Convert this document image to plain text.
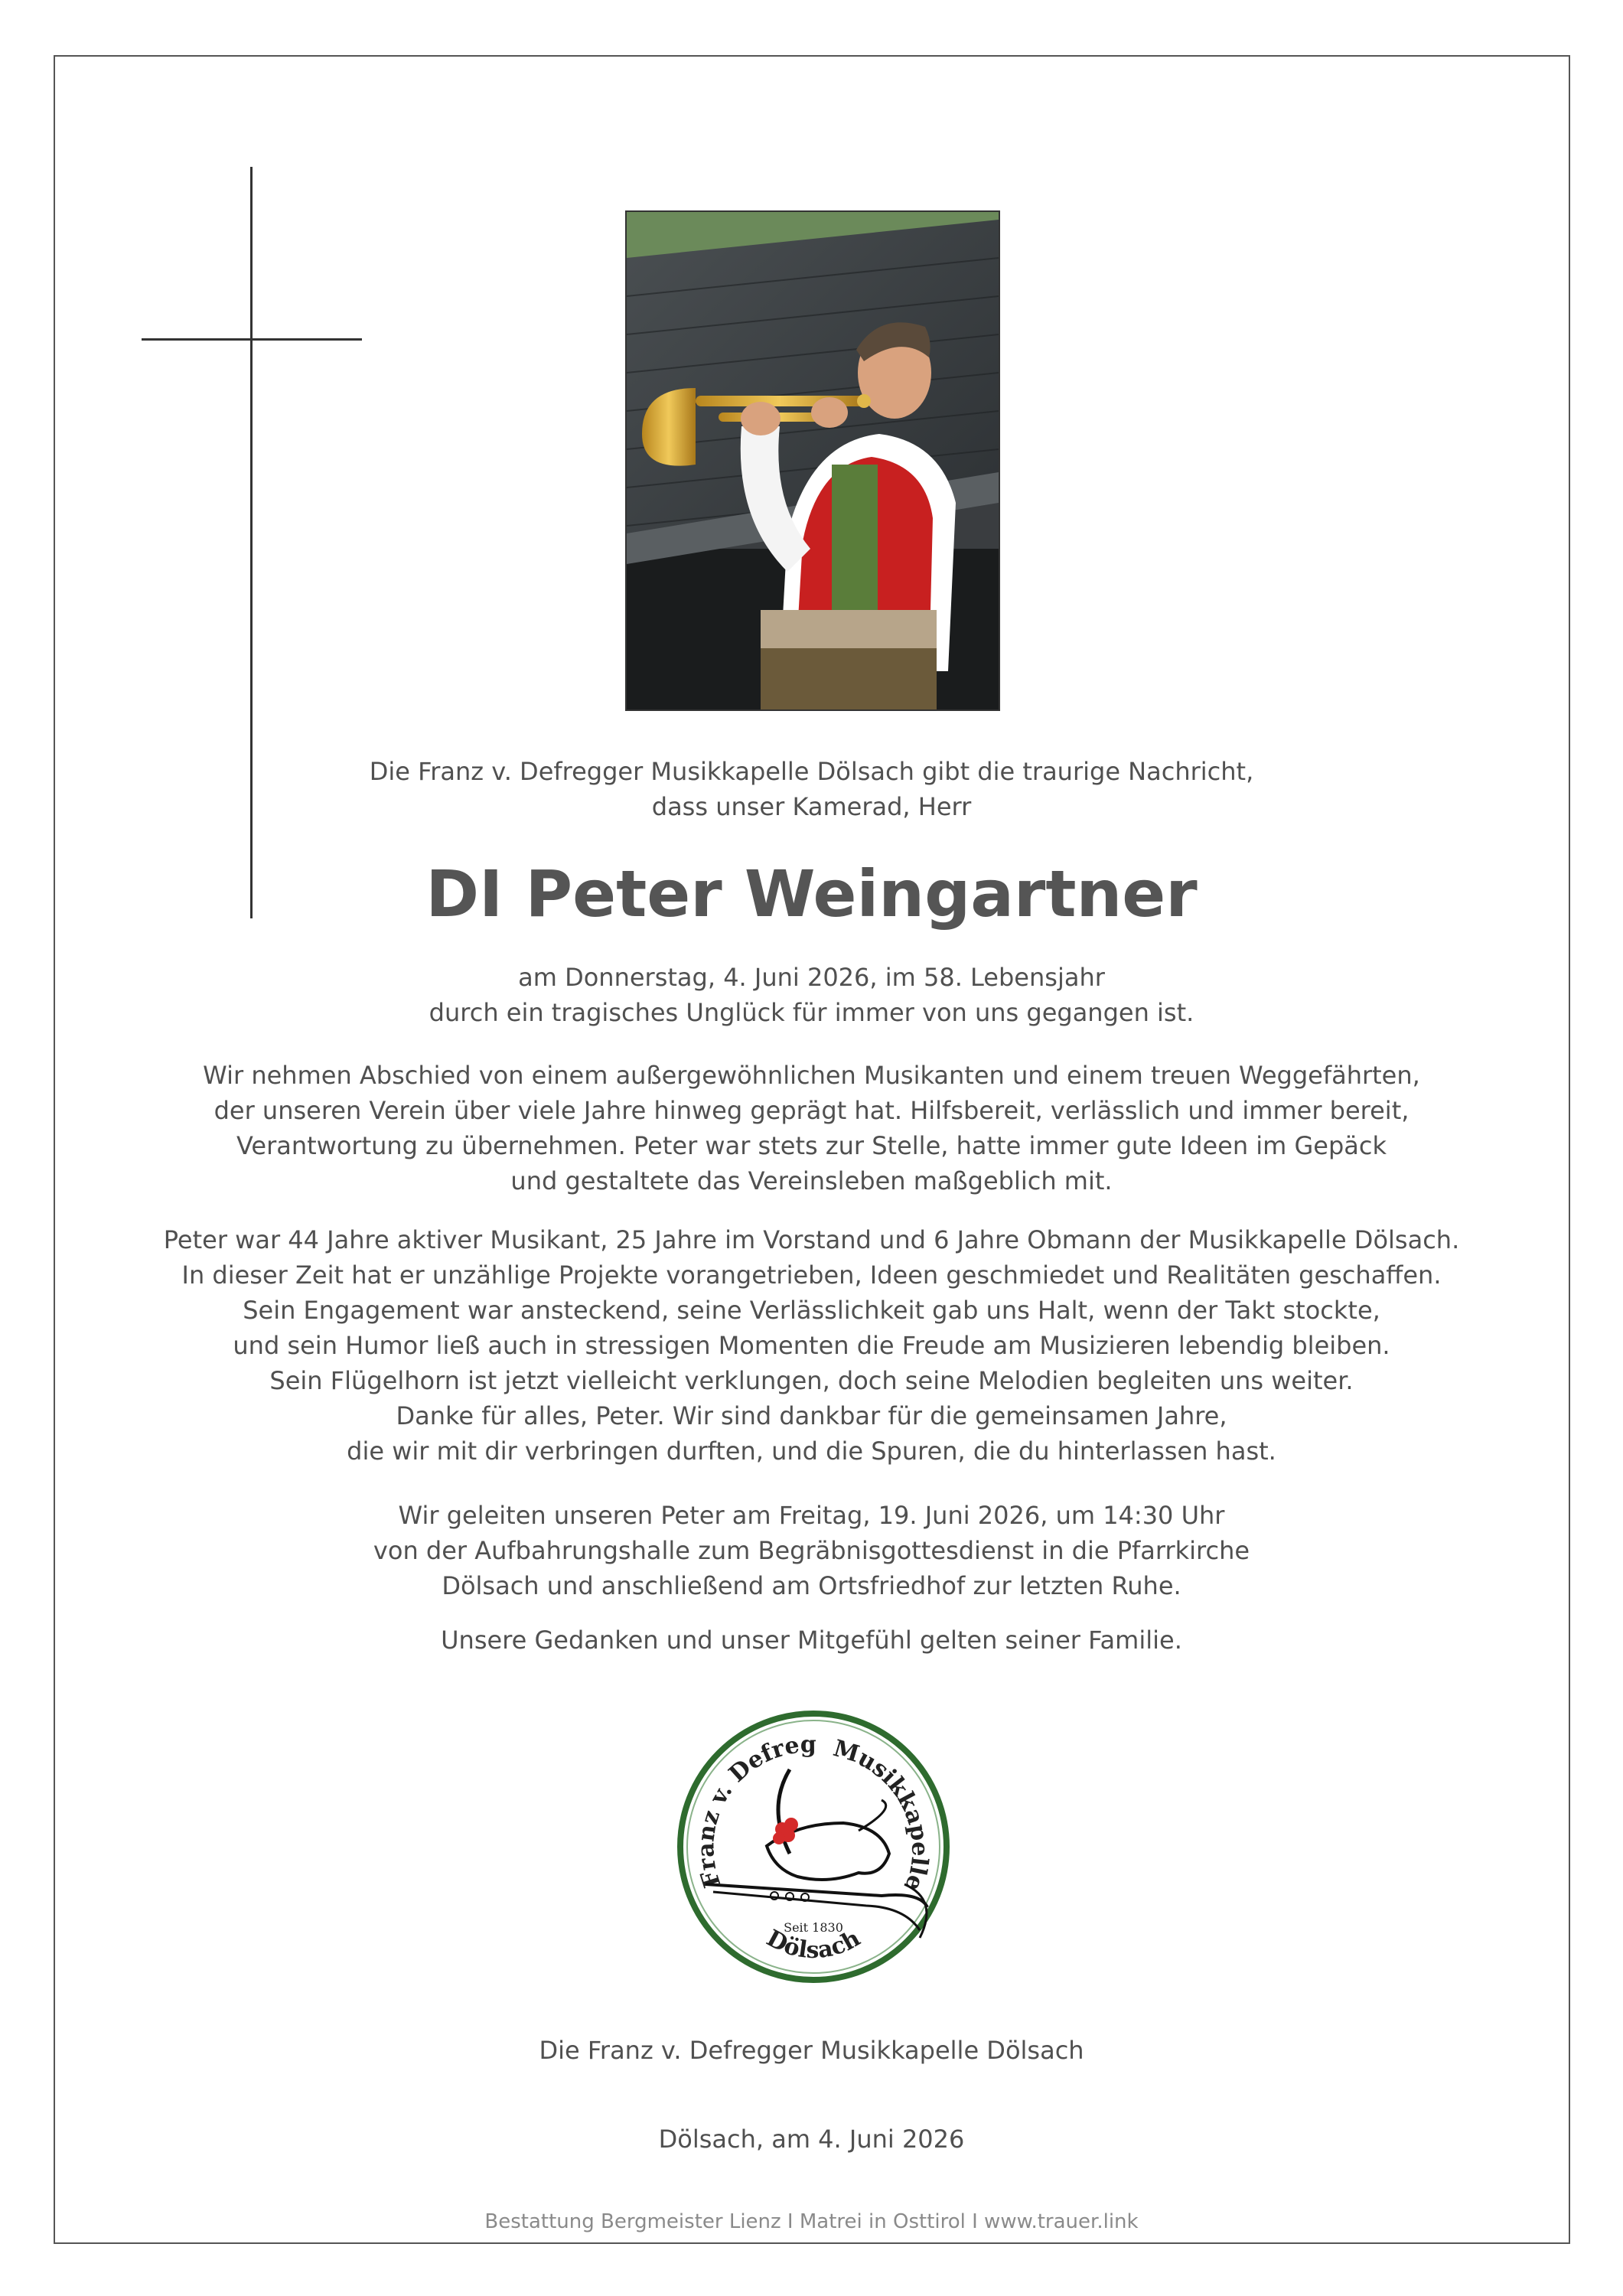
Die Franz v. Defregger Musikkapelle Dölsach gibt die traurige Nachricht,
dass unser Kamerad, Herr
DI Peter Weingartner
am Donnerstag, 4. Juni 2026, im 58. Lebensjahr
durch ein tragisches Unglück für immer von uns gegangen ist.
Wir nehmen Abschied von einem außergewöhnlichen Musikanten und einem treuen Weggefährten,
der unseren Verein über viele Jahre hinweg geprägt hat. Hilfsbereit, verlässlich und immer bereit,
Verantwortung zu übernehmen. Peter war stets zur Stelle, hatte immer gute Ideen im Gepäck
und gestaltete das Vereinsleben maßgeblich mit.
Peter war 44 Jahre aktiver Musikant, 25 Jahre im Vorstand und 6 Jahre Obmann der Musikkapelle Dölsach.
In dieser Zeit hat er unzählige Projekte vorangetrieben, Ideen geschmiedet und Realitäten geschaffen.
Sein Engagement war ansteckend, seine Verlässlichkeit gab uns Halt, wenn der Takt stockte,
und sein Humor ließ auch in stressigen Momenten die Freude am Musizieren lebendig bleiben.
Sein Flügelhorn ist jetzt vielleicht verklungen, doch seine Melodien begleiten uns weiter.
Danke für alles, Peter. Wir sind dankbar für die gemeinsamen Jahre,
die wir mit dir verbringen durften, und die Spuren, die du hinterlassen hast.
Wir geleiten unseren Peter am Freitag, 19. Juni 2026, um 14:30 Uhr
von der Aufbahrungshalle zum Begräbnisgottesdienst in die Pfarrkirche
Dölsach und anschließend am Ortsfriedhof zur letzten Ruhe.
Unsere Gedanken und unser Mitgefühl gelten seiner Familie.
Franz v. Defreg Musikkapelle
Seit 1830
Dölsach
Die Franz v. Defregger Musikkapelle Dölsach
Dölsach, am 4. Juni 2026
Bestattung Bergmeister Lienz I Matrei in Osttirol I www.trauer.link
